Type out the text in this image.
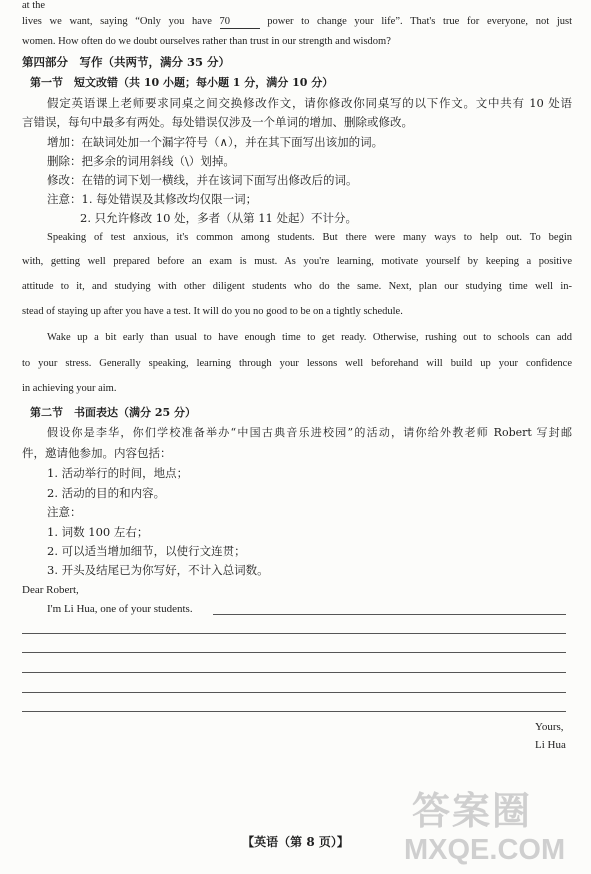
答案圈
MXQE.COM
at the
lives we want, saying “Only you have 70	power to change your life”. That's true for everyone, not just
women. How often do we doubt ourselves rather than trust in our strength and wisdom?
第四部分　写作（共两节，满分 35 分）
第一节　短文改错（共 10 小题；每小题 1 分，满分 10 分）
假定英语课上老师要求同桌之间交换修改作文，请你修改你同桌写的以下作文。文中共有 10 处语
言错误，每句中最多有两处。每处错误仅涉及一个单词的增加、删除或修改。
增加：在缺词处加一个漏字符号（∧），并在其下面写出该加的词。
删除：把多余的词用斜线（\）划掉。
修改：在错的词下划一横线，并在该词下面写出修改后的词。
注意：1. 每处错误及其修改均仅限一词；
2. 只允许修改 10 处，多者（从第 11 处起）不计分。
Speaking of test anxious, it's common among students. But there were many ways to help out. To begin
with, getting well prepared before an exam is must. As you're learning, motivate yourself by keeping a positive
attitude to it, and studying with other diligent students who do the same. Next, plan our studying time well in-
stead of staying up after you have a test. It will do you no good to be on a tightly schedule.
Wake up a bit early than usual to have enough time to get ready. Otherwise, rushing out to schools can add
to your stress. Generally speaking, learning through your lessons well beforehand will build up your confidence
in achieving your aim.
第二节　书面表达（满分 25 分）
假设你是李华，你们学校准备举办“中国古典音乐进校园”的活动，请你给外教老师 Robert 写封邮
件，邀请他参加。内容包括：
1. 活动举行的时间，地点；
2. 活动的目的和内容。
注意：
1. 词数 100 左右；
2. 可以适当增加细节，以使行文连贯；
3. 开头及结尾已为你写好，不计入总词数。
Dear Robert,
I'm Li Hua, one of your students.
Yours,
Li Hua
【英语（第 8 页）】
